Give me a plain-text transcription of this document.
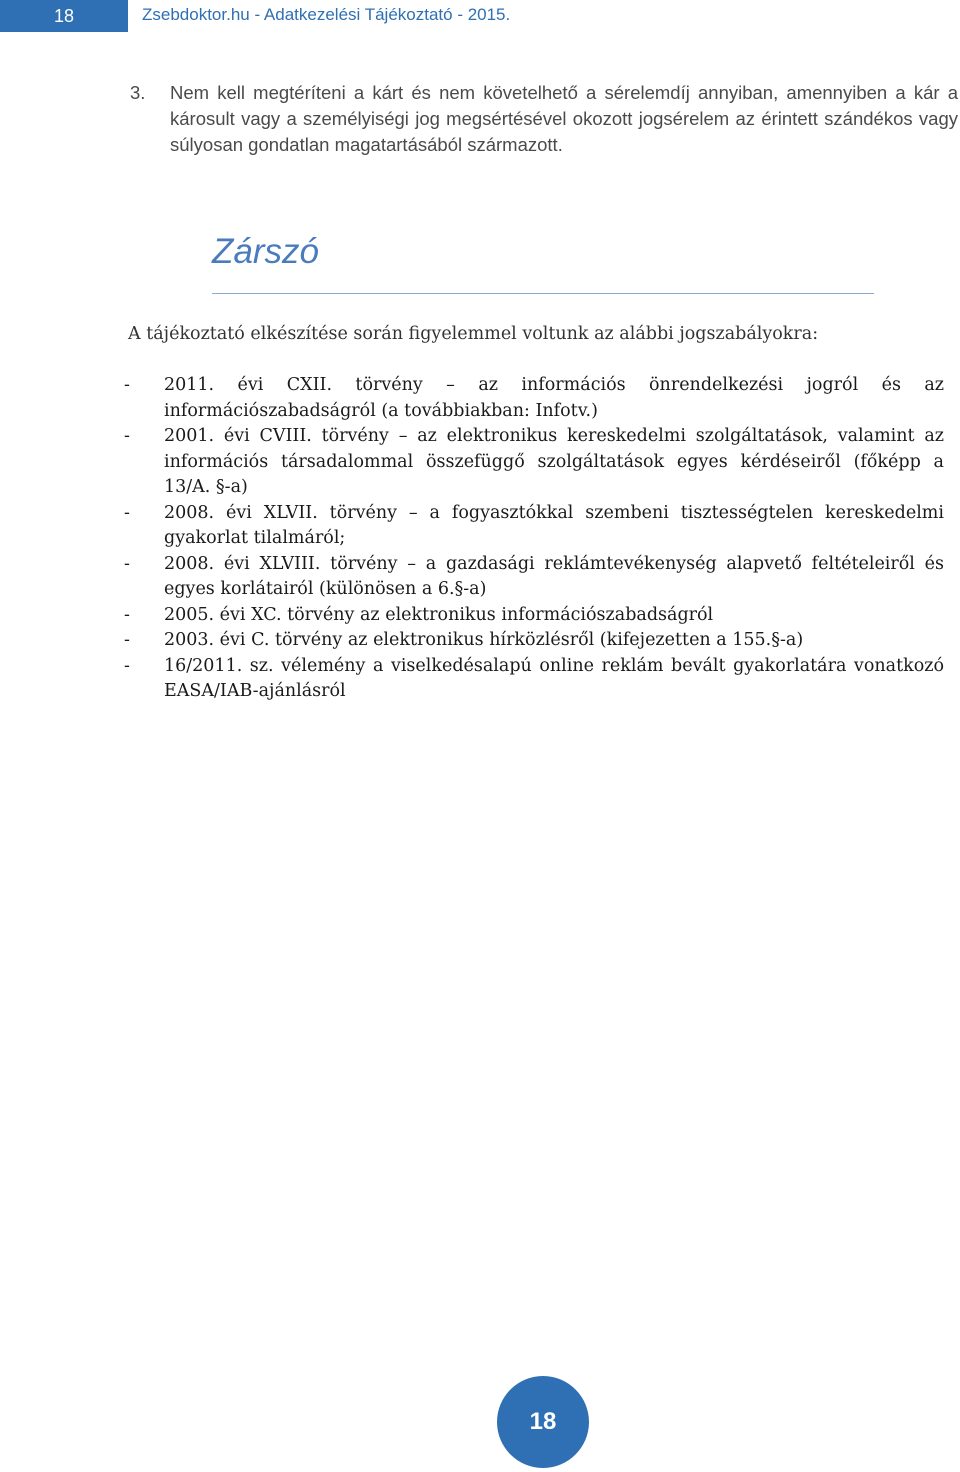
18	Zsebdoktor.hu - Adatkezelési Tájékoztató - 2015.
3. Nem kell megtéríteni a kárt és nem követelhető a sérelemdíj annyiban, amennyiben a kár a károsult vagy a személyiségi jog megsértésével okozott jogsérelem az érintett szándékos vagy súlyosan gondatlan magatartásából származott.
Zárszó
A tájékoztató elkészítése során figyelemmel voltunk az alábbi jogszabályokra:
- 2011. évi CXII. törvény – az információs önrendelkezési jogról és az információszabadságról (a továbbiakban: Infotv.)
- 2001. évi CVIII. törvény – az elektronikus kereskedelmi szolgáltatások, valamint az információs társadalommal összefüggő szolgáltatások egyes kérdéseiről (főképp a 13/A. §-a)
- 2008. évi XLVII. törvény – a fogyasztókkal szembeni tisztességtelen kereskedelmi gyakorlat tilalmáról;
- 2008. évi XLVIII. törvény – a gazdasági reklámtevékenység alapvető feltételeiről és egyes korlátairól (különösen a 6.§-a)
- 2005. évi XC. törvény az elektronikus információszabadságról
- 2003. évi C. törvény az elektronikus hírközlésről (kifejezetten a 155.§-a)
- 16/2011. sz. vélemény a viselkedésalapú online reklám bevált gyakorlatára vonatkozó EASA/IAB-ajánlásról
18
